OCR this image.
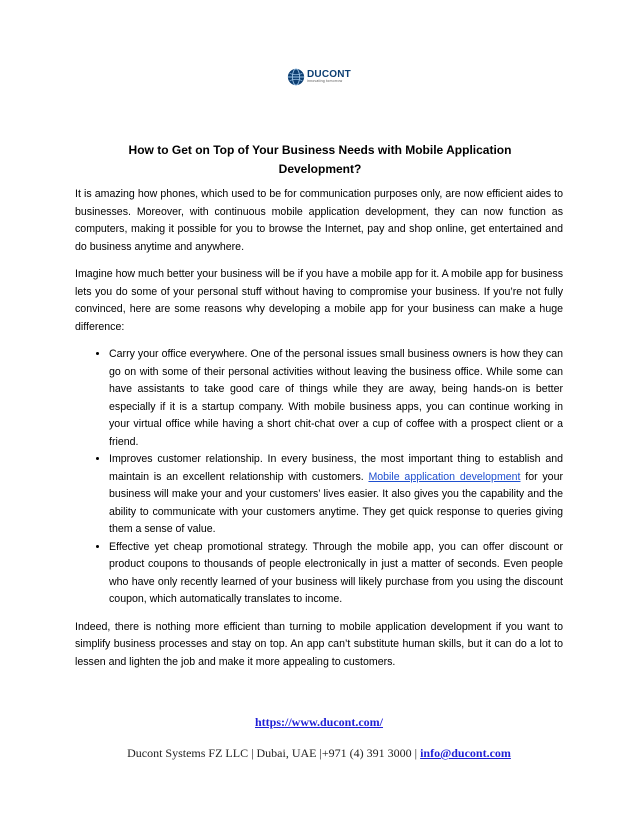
DUCONT
innovating tomorrow
How to Get on Top of Your Business Needs with Mobile Application Development?

It is amazing how phones, which used to be for communication purposes only, are now efficient aides to businesses. Moreover, with continuous mobile application development, they can now function as computers, making it possible for you to browse the Internet, pay and shop online, get entertained and do business anytime and anywhere.

Imagine how much better your business will be if you have a mobile app for it. A mobile app for business lets you do some of your personal stuff without having to compromise your business. If you’re not fully convinced, here are some reasons why developing a mobile app for your business can make a huge difference:

• Carry your office everywhere. One of the personal issues small business owners is how they can go on with some of their personal activities without leaving the business office. While some can have assistants to take good care of things while they are away, being hands-on is better especially if it is a startup company. With mobile business apps, you can continue working in your virtual office while having a short chit-chat over a cup of coffee with a prospect client or a friend.
• Improves customer relationship. In every business, the most important thing to establish and maintain is an excellent relationship with customers. Mobile application development for your business will make your and your customers’ lives easier. It also gives you the capability and the ability to communicate with your customers anytime. They get quick response to queries giving them a sense of value.
• Effective yet cheap promotional strategy. Through the mobile app, you can offer discount or product coupons to thousands of people electronically in just a matter of seconds. Even people who have only recently learned of your business will likely purchase from you using the discount coupon, which automatically translates to income.

Indeed, there is nothing more efficient than turning to mobile application development if you want to simplify business processes and stay on top. An app can’t substitute human skills, but it can do a lot to lessen and lighten the job and make it more appealing to customers.

https://www.ducont.com/
Ducont Systems FZ LLC | Dubai, UAE |+971 (4) 391 3000 | info@ducont.com
